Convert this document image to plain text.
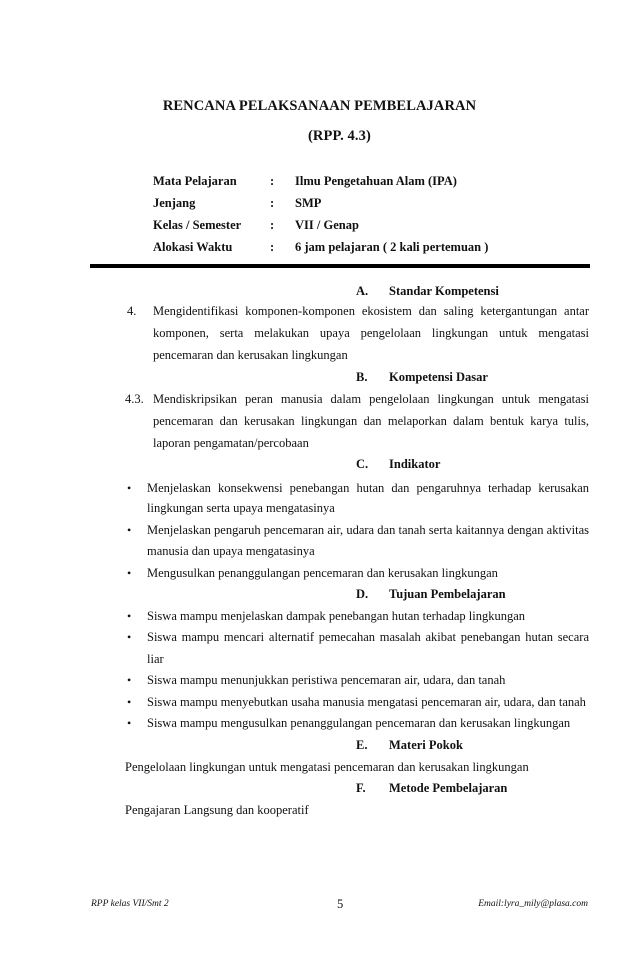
RENCANA PELAKSANAAN PEMBELAJARAN
(RPP. 4.3)
Mata Pelajaran	: Ilmu Pengetahuan Alam (IPA)
Jenjang	: SMP
Kelas / Semester : VII / Genap
Alokasi Waktu	: 6 jam pelajaran ( 2 kali pertemuan )
A. Standar Kompetensi
4. Mengidentifikasi komponen-komponen ekosistem dan saling ketergantungan antar
komponen, serta melakukan upaya pengelolaan lingkungan untuk mengatasi
pencemaran dan kerusakan lingkungan
B. Kompetensi Dasar
4.3. Mendiskripsikan peran manusia dalam pengelolaan lingkungan untuk mengatasi
pencemaran dan kerusakan lingkungan dan melaporkan dalam bentuk karya tulis,
laporan pengamatan/percobaan
C. Indikator
• Menjelaskan konsekwensi penebangan hutan dan pengaruhnya terhadap kerusakan
lingkungan serta upaya mengatasinya
• Menjelaskan pengaruh pencemaran air, udara dan tanah serta kaitannya dengan aktivitas
manusia dan upaya mengatasinya
• Mengusulkan penanggulangan pencemaran dan kerusakan lingkungan
D. Tujuan Pembelajaran
• Siswa mampu menjelaskan dampak penebangan hutan terhadap lingkungan
• Siswa mampu mencari alternatif pemecahan masalah akibat penebangan hutan secara
liar
• Siswa mampu menunjukkan peristiwa pencemaran air, udara, dan tanah
• Siswa mampu menyebutkan usaha manusia mengatasi pencemaran air, udara, dan tanah
• Siswa mampu mengusulkan penanggulangan pencemaran dan kerusakan lingkungan
E. Materi Pokok
Pengelolaan lingkungan untuk mengatasi pencemaran dan kerusakan lingkungan
F. Metode Pembelajaran
Pengajaran Langsung dan kooperatif
RPP kelas VII/Smt 2	5	Email:lyra_mily@plasa.com
